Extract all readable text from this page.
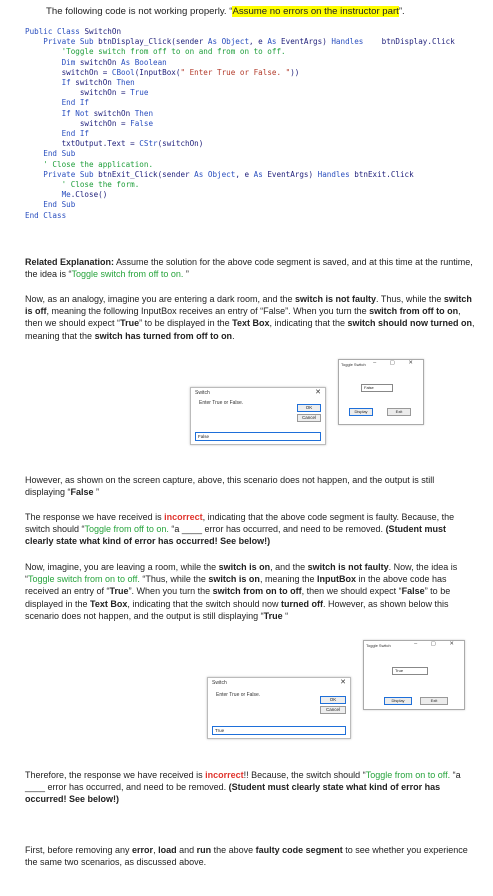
The following code is not working properly. “Assume no errors on the instructor part”.
Public Class SwitchOn
Private Sub btnDisplay_Click(sender As Object, e As EventArgs) Handles    btnDisplay.Click
'Toggle switch from off to on and from on to off.
Dim switchOn As Boolean
switchOn = CBool(InputBox(" Enter True or False. "))
If switchOn Then
switchOn = True
End If
If Not switchOn Then
switchOn = False
End If
txtOutput.Text = CStr(switchOn)
End Sub
' Close the application.
Private Sub btnExit_Click(sender As Object, e As EventArgs) Handles btnExit.Click
' Close the form.
Me.Close()
End Sub
End Class
Related Explanation: Assume the solution for the above code segment is saved, and at this time at the runtime, the idea is “Toggle switch from off to on. ”
Now, as an analogy, imagine you are entering a dark room, and the switch is not faulty. Thus, while the switch is off, meaning the following InputBox receives an entry of “False”. When you turn the switch from off to on, then we should expect “True” to be displayed in the Text Box, indicating that the switch should now turned on, meaning that the switch has turned from off to on.
Toggle Switch – ▢ ✕
False
Display	Exit
Switch	✕
Enter True or False.
OK
Cancel
False
However, as shown on the screen capture, above, this scenario does not happen, and the output is still displaying “False ”
The response we have received is incorrect, indicating that the above code segment is faulty. Because, the switch should “Toggle from off to on. “a ____ error has occurred, and need to be removed. (Student must clearly state what kind of error has occurred! See below!)
Now, imagine, you are leaving a room, while the switch is on, and the switch is not faulty. Now, the idea is “Toggle switch from on to off. “Thus, while the switch is on, meaning the InputBox in the above code has received an entry of “True”. When you turn the switch from on to off, then we should expect “False” to be displayed in the Text Box, indicating that the switch should now turned off. However, as shown below this scenario does not happen, and the output is still displaying “True “
Toggle Switch	– ▢ ✕
True
Display	Exit
Switch	✕
Enter True or False.
OK
Cancel
True
Therefore, the response we have received is incorrect!! Because, the switch should “Toggle from on to off. “a ____ error has occurred, and need to be removed. (Student must clearly state what kind of error has occurred! See below!)
First, before removing any error, load and run the above faulty code segment to see whether you experience the same two scenarios, as discussed above.
